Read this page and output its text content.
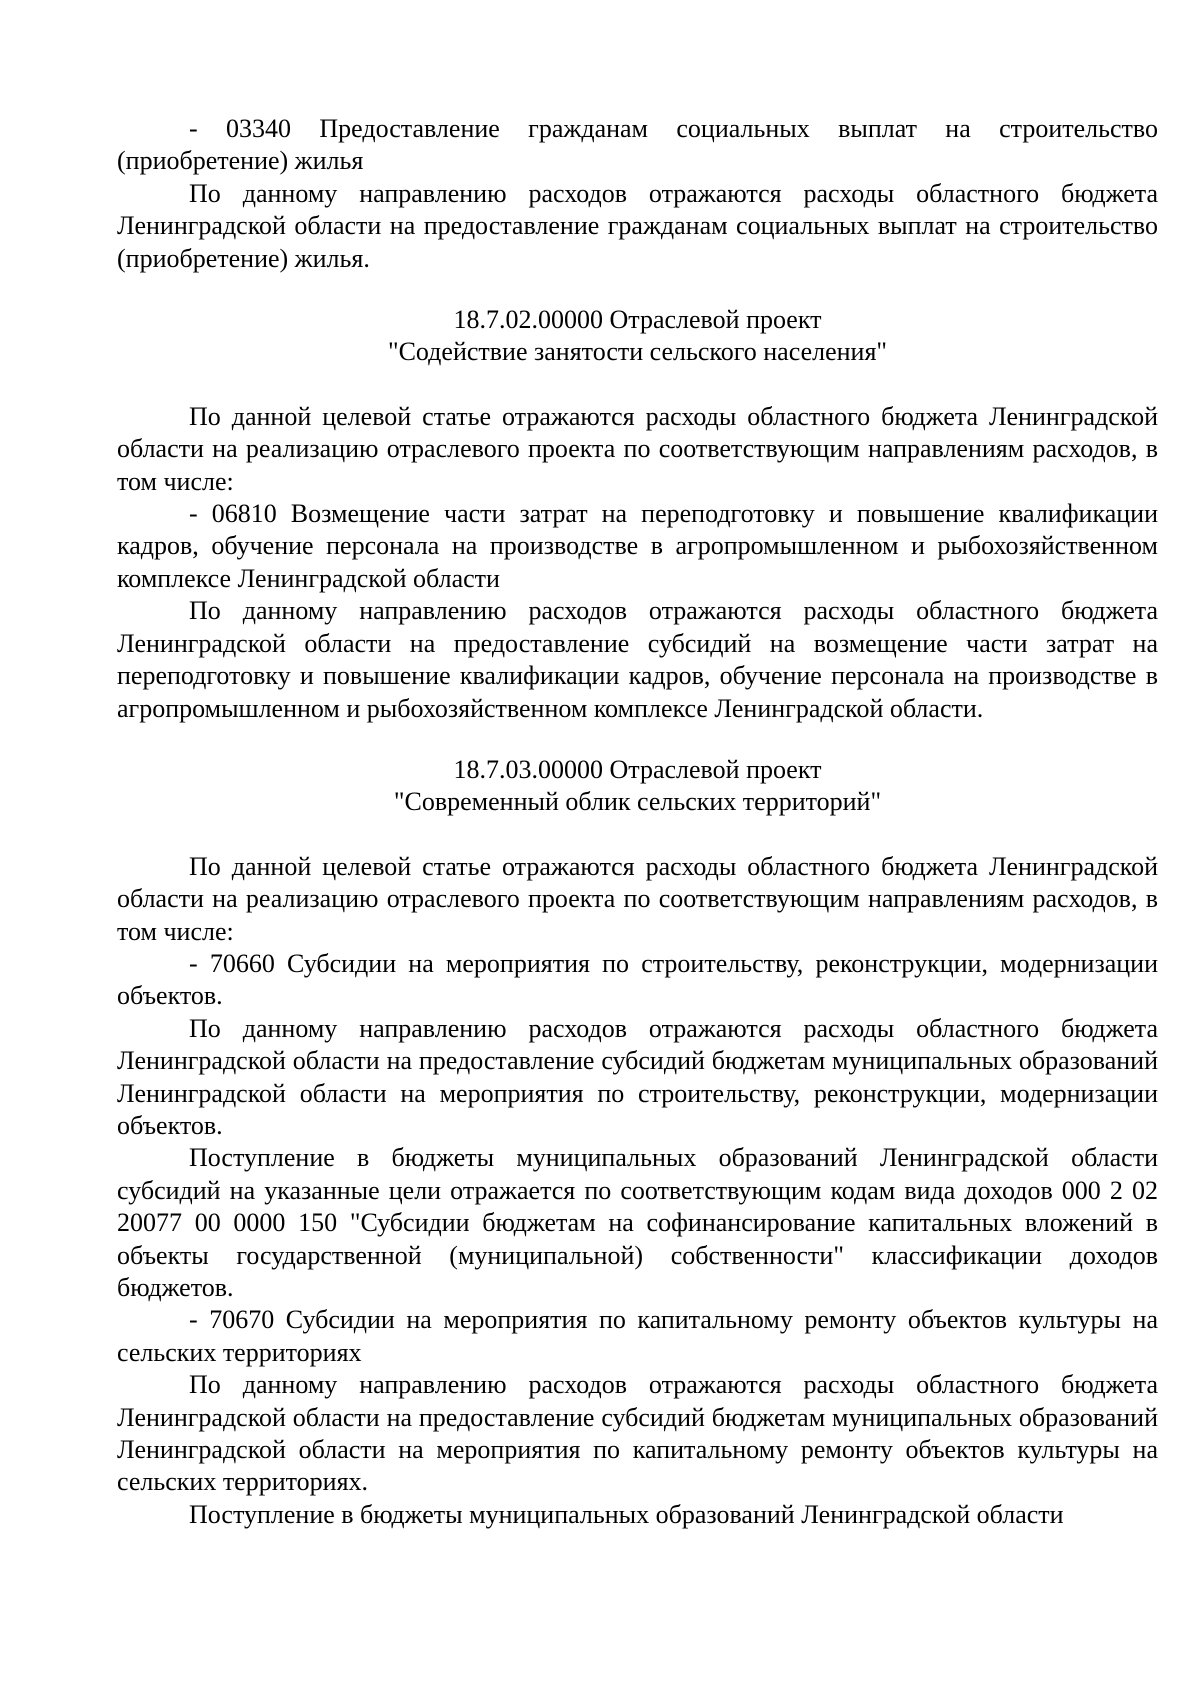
- 03340 Предоставление гражданам социальных выплат на строительство (приобретение) жилья

По данному направлению расходов отражаются расходы областного бюджета Ленинградской области на предоставление гражданам социальных выплат на строительство (приобретение) жилья.

18.7.02.00000 Отраслевой проект
"Содействие занятости сельского населения"

По данной целевой статье отражаются расходы областного бюджета Ленинградской области на реализацию отраслевого проекта по соответствующим направлениям расходов, в том числе:

- 06810 Возмещение части затрат на переподготовку и повышение квалификации кадров, обучение персонала на производстве в агропромышленном и рыбохозяйственном комплексе Ленинградской области

По данному направлению расходов отражаются расходы областного бюджета Ленинградской области на предоставление субсидий на возмещение части затрат на переподготовку и повышение квалификации кадров, обучение персонала на производстве в агропромышленном и рыбохозяйственном комплексе Ленинградской области.

18.7.03.00000 Отраслевой проект
"Современный облик сельских территорий"

По данной целевой статье отражаются расходы областного бюджета Ленинградской области на реализацию отраслевого проекта по соответствующим направлениям расходов, в том числе:

- 70660 Субсидии на мероприятия по строительству, реконструкции, модернизации объектов.

По данному направлению расходов отражаются расходы областного бюджета Ленинградской области на предоставление субсидий бюджетам муниципальных образований Ленинградской области на мероприятия по строительству, реконструкции, модернизации объектов.

Поступление в бюджеты муниципальных образований Ленинградской области субсидий на указанные цели отражается по соответствующим кодам вида доходов 000 2 02 20077 00 0000 150 "Субсидии бюджетам на софинансирование капитальных вложений в объекты государственной (муниципальной) собственности" классификации доходов бюджетов.

- 70670 Субсидии на мероприятия по капитальному ремонту объектов культуры на сельских территориях

По данному направлению расходов отражаются расходы областного бюджета Ленинградской области на предоставление субсидий бюджетам муниципальных образований Ленинградской области на мероприятия по капитальному ремонту объектов культуры на сельских территориях.

Поступление в бюджеты муниципальных образований Ленинградской области
